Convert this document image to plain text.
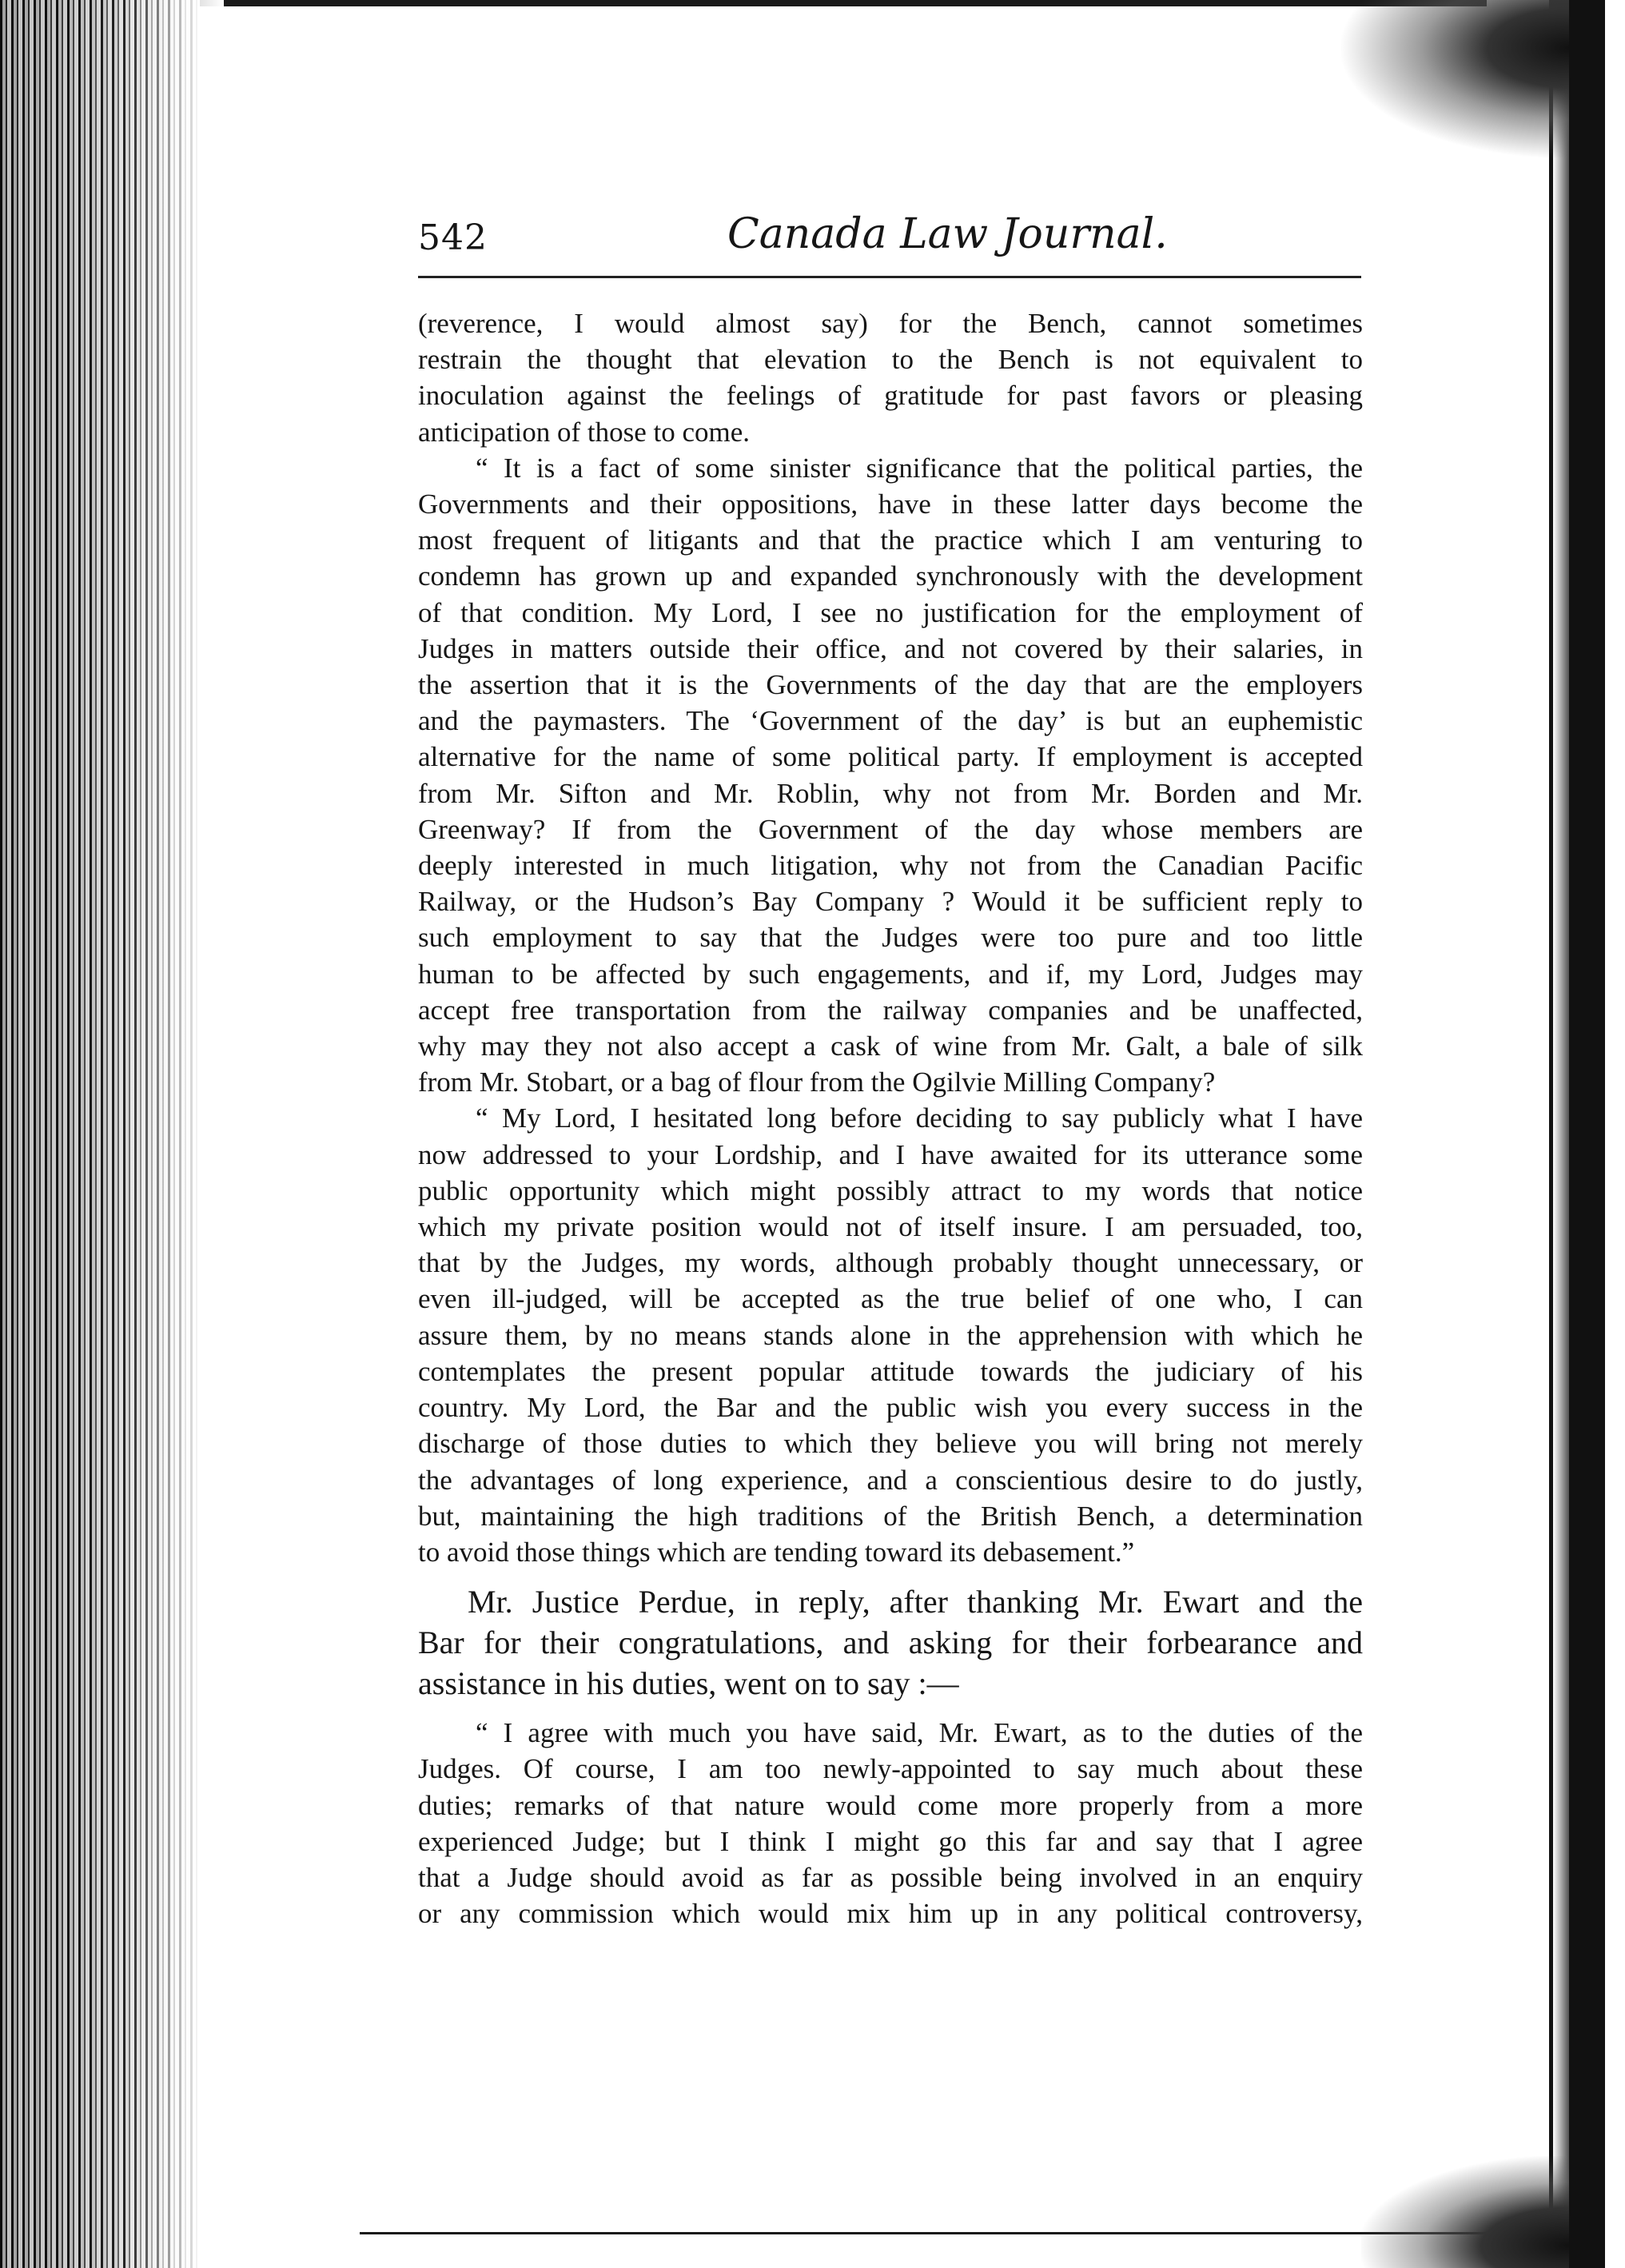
542	Canada Law Journal.

(reverence, I would almost say) for the Bench, cannot sometimes
restrain the thought that elevation to the Bench is not equivalent to
inoculation against the feelings of gratitude for past favors or pleasing
anticipation of those to come.

“ It is a fact of some sinister significance that the political parties, the
Governments and their oppositions, have in these latter days become the
most frequent of litigants and that the practice which I am venturing to
condemn has grown up and expanded synchronously with the development
of that condition. My Lord, I see no justification for the employment of
Judges in matters outside their office, and not covered by their salaries, in
the assertion that it is the Governments of the day that are the employers
and the paymasters. The ‘Government of the day’ is but an euphemistic
alternative for the name of some political party. If employment is accepted
from Mr. Sifton and Mr. Roblin, why not from Mr. Borden and Mr.
Greenway? If from the Government of the day whose members are
deeply interested in much litigation, why not from the Canadian Pacific
Railway, or the Hudson’s Bay Company ? Would it be sufficient reply to
such employment to say that the Judges were too pure and too little
human to be affected by such engagements, and if, my Lord, Judges may
accept free transportation from the railway companies and be unaffected,
why may they not also accept a cask of wine from Mr. Galt, a bale of silk
from Mr. Stobart, or a bag of flour from the Ogilvie Milling Company?

“ My Lord, I hesitated long before deciding to say publicly what I have
now addressed to your Lordship, and I have awaited for its utterance some
public opportunity which might possibly attract to my words that notice
which my private position would not of itself insure. I am persuaded, too,
that by the Judges, my words, although probably thought unnecessary, or
even ill-judged, will be accepted as the true belief of one who, I can
assure them, by no means stands alone in the apprehension with which he
contemplates the present popular attitude towards the judiciary of his
country. My Lord, the Bar and the public wish you every success in the
discharge of those duties to which they believe you will bring not merely
the advantages of long experience, and a conscientious desire to do justly,
but, maintaining the high traditions of the British Bench, a determination
to avoid those things which are tending toward its debasement.”

Mr. Justice Perdue, in reply, after thanking Mr. Ewart and the
Bar for their congratulations, and asking for their forbearance and
assistance in his duties, went on to say :—

“ I agree with much you have said, Mr. Ewart, as to the duties of the
Judges. Of course, I am too newly-appointed to say much about these
duties; remarks of that nature would come more properly from a more
experienced Judge; but I think I might go this far and say that I agree
that a Judge should avoid as far as possible being involved in an enquiry
or any commission which would mix him up in any political controversy,
